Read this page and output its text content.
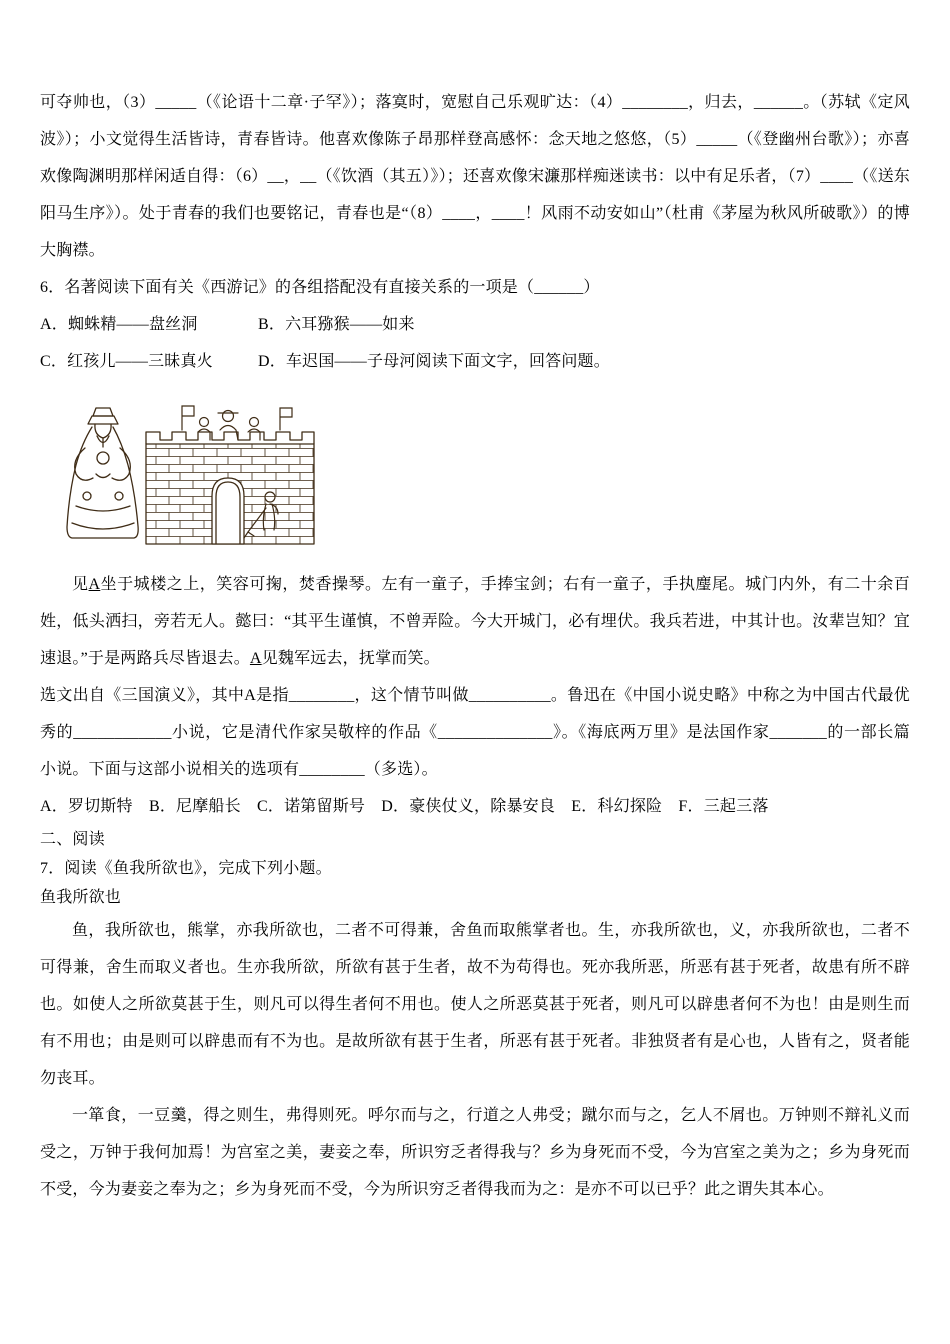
可夺帅也，（3）_____（《论语十二章·子罕》）；落寞时，宽慰自己乐观旷达：（4）________，归去，______。（苏轼《定风波》）；小文觉得生活皆诗，青春皆诗。他喜欢像陈子昂那样登高感怀：念天地之悠悠，（5）_____（《登幽州台歌》）；亦喜欢像陶渊明那样闲适自得：（6）__，__（《饮酒（其五）》）；还喜欢像宋濂那样痴迷读书：以中有足乐者，（7）____（《送东阳马生序》）。处于青春的我们也要铭记，青春也是“（8）____，____！风雨不动安如山”（杜甫《茅屋为秋风所破歌》）的博大胸襟。

6．名著阅读下面有关《西游记》的各组搭配没有直接关系的一项是（______）

A．蜘蛛精——盘丝洞	B．六耳猕猴——如来
C．红孩儿——三昧真火	D．车迟国——子母河阅读下面文字，回答问题。

见A坐于城楼之上，笑容可掬，焚香操琴。左有一童子，手捧宝剑；右有一童子，手执麈尾。城门内外，有二十余百姓，低头洒扫，旁若无人。懿曰：“其平生谨慎，不曾弄险。今大开城门，必有埋伏。我兵若进，中其计也。汝辈岂知？宜速退。”于是两路兵尽皆退去。A见魏军远去，抚掌而笑。

选文出自《三国演义》，其中A是指________，这个情节叫做__________。鲁迅在《中国小说史略》中称之为中国古代最优秀的____________小说，它是清代作家吴敬梓的作品《______________》。《海底两万里》是法国作家_______的一部长篇小说。下面与这部小说相关的选项有________（多选）。

A．罗切斯特　B．尼摩船长　C．诺第留斯号　D．豪侠仗义，除暴安良　E．科幻探险　F．三起三落

二、阅读

7．阅读《鱼我所欲也》，完成下列小题。

鱼我所欲也

鱼，我所欲也，熊掌，亦我所欲也，二者不可得兼，舍鱼而取熊掌者也。生，亦我所欲也，义，亦我所欲也，二者不可得兼，舍生而取义者也。生亦我所欲，所欲有甚于生者，故不为苟得也。死亦我所恶，所恶有甚于死者，故患有所不辟也。如使人之所欲莫甚于生，则凡可以得生者何不用也。使人之所恶莫甚于死者，则凡可以辟患者何不为也！由是则生而有不用也；由是则可以辟患而有不为也。是故所欲有甚于生者，所恶有甚于死者。非独贤者有是心也，人皆有之，贤者能勿丧耳。

一箪食，一豆羹，得之则生，弗得则死。呼尔而与之，行道之人弗受；蹴尔而与之，乞人不屑也。万钟则不辩礼义而受之，万钟于我何加焉！为宫室之美，妻妾之奉，所识穷乏者得我与？乡为身死而不受，今为宫室之美为之；乡为身死而不受，今为妻妾之奉为之；乡为身死而不受，今为所识穷乏者得我而为之：是亦不可以已乎？此之谓失其本心。
